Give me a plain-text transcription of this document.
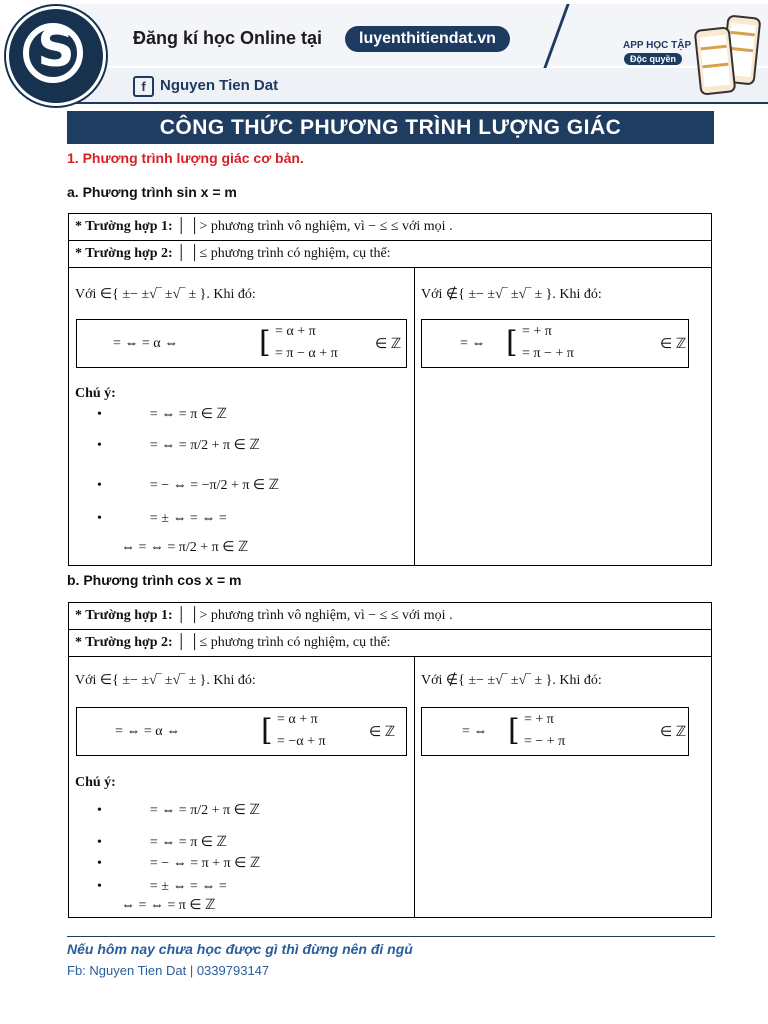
S	Đăng kí học Online tại	luyenthitiendat.vn	APP HỌC TẬP
Độc quyền
f Nguyen Tien Dat
CÔNG THỨC PHƯƠNG TRÌNH LƯỢNG GIÁC
1. Phương trình lượng giác cơ bản.
a. Phương trình sin x = m
* Trường hợp 1: │ │> phương trình vô nghiệm, vì − ≤ ≤ với mọi .
* Trường hợp 2: │ │≤ phương trình có nghiệm, cụ thể:
Với ∈{ ±− ±√‾ ±√‾ ± }. Khi đó:
= ⇔ = α ⇔	[ = α + π
= π − α + π
∈ ℤ
Chú ý:
•	= ⇔ = π ∈ ℤ
•	= ⇔ = π/2 + π ∈ ℤ
•	= − ⇔ = −π/2 + π ∈ ℤ
•	= ± ⇔ = ⇔ =
⇔ = ⇔ = π/2 + π ∈ ℤ
Với ∉{ ±− ±√‾ ±√‾ ± }. Khi đó:
= ⇔ [ = + π
= π − + π
∈ ℤ
b. Phương trình cos x = m
* Trường hợp 1: │ │> phương trình vô nghiệm, vì − ≤ ≤ với mọi .
* Trường hợp 2: │ │≤ phương trình có nghiệm, cụ thể:
Với ∈{ ±− ±√‾ ±√‾ ± }. Khi đó:
= ⇔ = α ⇔	[ = α + π
= −α + π
∈ ℤ
Chú ý:
•	= ⇔ = π/2 + π ∈ ℤ
•	= ⇔ = π ∈ ℤ
•	= − ⇔ = π + π ∈ ℤ
•	= ± ⇔ = ⇔ =
⇔ = ⇔ = π ∈ ℤ
Với ∉{ ±− ±√‾ ±√‾ ± }. Khi đó:
= ⇔ [ = + π
= − + π
∈ ℤ
Nếu hôm nay chưa học được gì thì đừng nên đi ngủ
Fb: Nguyen Tien Dat | 0339793147
